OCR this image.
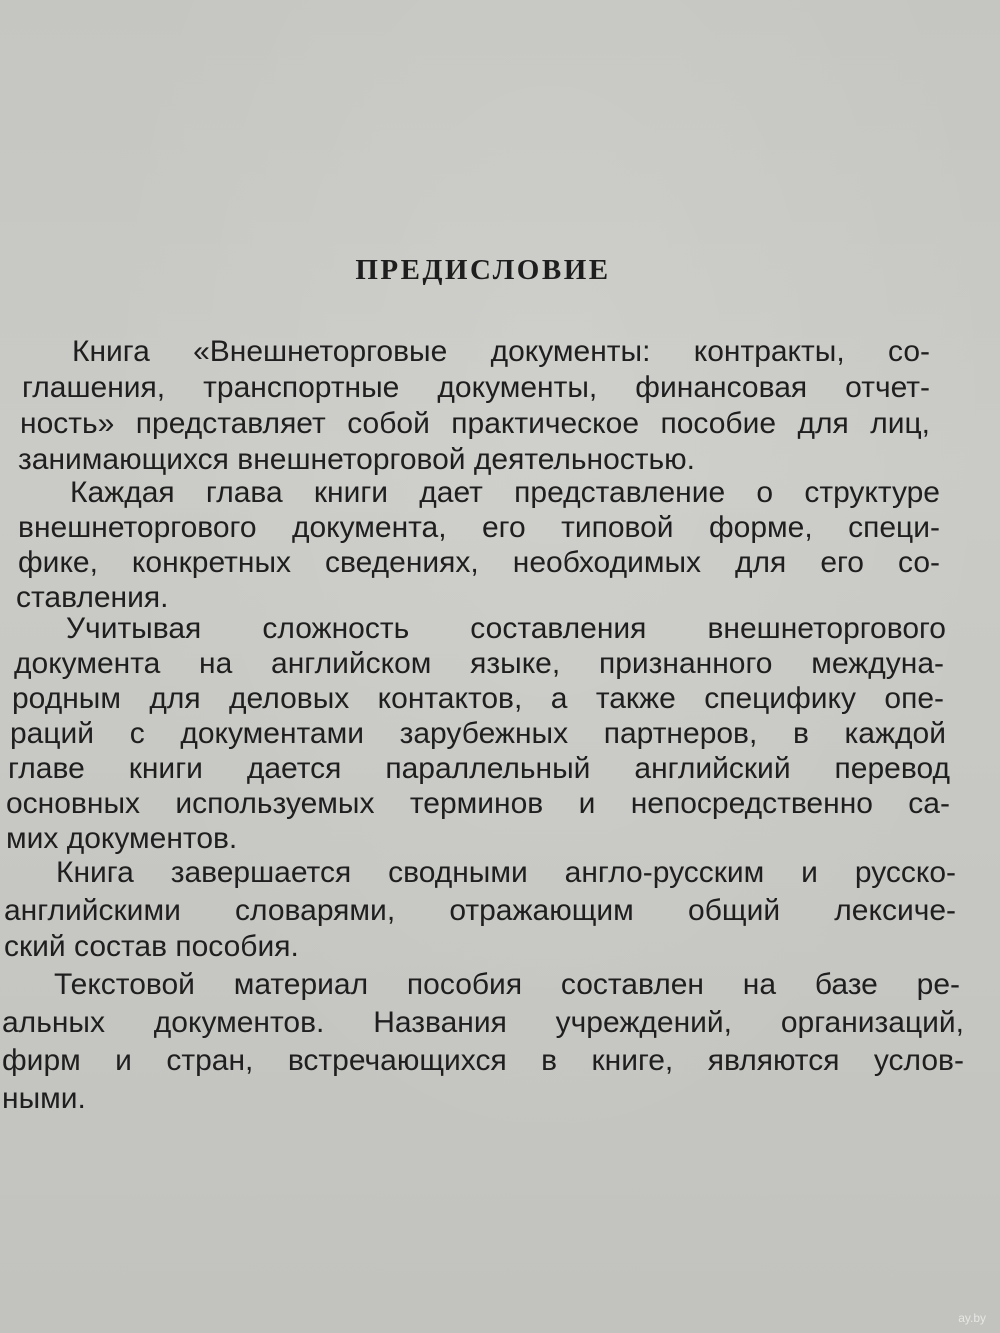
ПРЕДИСЛОВИЕ
Книга «Внешнеторговые документы: контракты, со-
глашения, транспортные документы, финансовая отчет-
ность» представляет собой практическое пособие для лиц,
занимающихся внешнеторговой деятельностью.
Каждая глава книги дает представление о структуре
внешнеторгового документа, его типовой форме, специ-
фике, конкретных сведениях, необходимых для его со-
ставления.
Учитывая сложность составления внешнеторгового
документа на английском языке, признанного междуна-
родным для деловых контактов, а также специфику опе-
раций с документами зарубежных партнеров, в каждой
главе книги дается параллельный английский перевод
основных используемых терминов и непосредственно са-
мих документов.
Книга завершается сводными англо-русским и русско-
английскими словарями, отражающим общий лексиче-
ский состав пособия.
Текстовой материал пособия составлен на базе ре-
альных документов. Названия учреждений, организаций,
фирм и стран, встречающихся в книге, являются услов-
ными.
ay.by
